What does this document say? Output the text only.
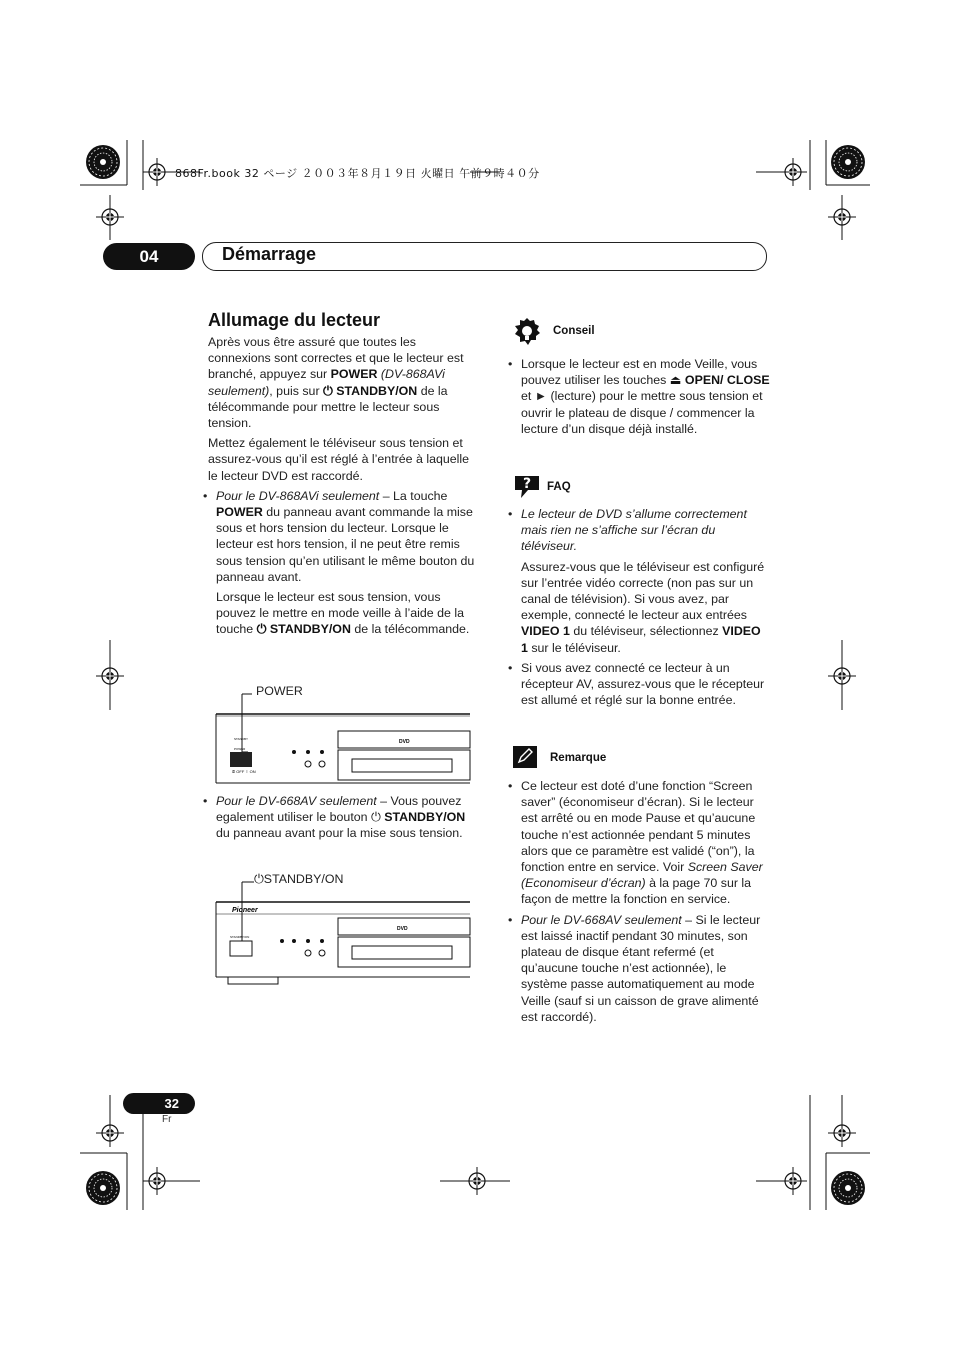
868Fr.book 32 ページ ２００３年８月１９日 火曜日 午前９時４０分
04	Démarrage
Allumage du lecteur

Après vous être assuré que toutes les connexions sont correctes et que le lecteur est branché, appuyez sur POWER (DV-868AVi seulement), puis sur ⏻ STANDBY/ON de la télécommande pour mettre le lecteur sous tension.

Mettez également le téléviseur sous tension et assurez-vous qu’il est réglé à l’entrée à laquelle le lecteur DVD est raccordé.

• Pour le DV-868AVi seulement – La touche POWER du panneau avant commande la mise sous et hors tension du lecteur. Lorsque le lecteur est hors tension, il ne peut être remis sous tension qu’en utilisant le même bouton du panneau avant.

Lorsque le lecteur est sous tension, vous pouvez le mettre en mode veille à l’aide de la touche ⏻ STANDBY/ON de la télécommande.

POWER
STANDBY
POWER
⏼ OFF ⏽ ON
DVD

• Pour le DV-668AV seulement – Vous pouvez egalement utiliser le bouton ⏻ STANDBY/ON du panneau avant pour la mise sous tension.

⏻STANDBY/ON
Pioneer
STANDBY/ON
DVD
Conseil

• Lorsque le lecteur est en mode Veille, vous pouvez utiliser les touches ⏏ OPEN/ CLOSE et ► (lecture) pour le mettre sous tension et ouvrir le plateau de disque / commencer la lecture d’un disque déjà installé.

? FAQ

• Le lecteur de DVD s’allume correctement mais rien ne s’affiche sur l’écran du téléviseur.

Assurez-vous que le téléviseur est configuré sur l’entrée vidéo correcte (non pas sur un canal de télévision). Si vous avez, par exemple, connecté le lecteur aux entrées VIDEO 1 du téléviseur, sélectionnez VIDEO 1 sur le téléviseur.

• Si vous avez connecté ce lecteur à un récepteur AV, assurez-vous que le récepteur est allumé et réglé sur la bonne entrée.

Remarque

• Ce lecteur est doté d’une fonction “Screen saver” (économiseur d’écran). Si le lecteur est arrêté ou en mode Pause et qu’aucune touche n’est actionnée pendant 5 minutes alors que ce paramètre est validé (“on”), la fonction entre en service. Voir Screen Saver (Economiseur d’écran) à la page 70 sur la façon de mettre la fonction en service.

• Pour le DV-668AV seulement – Si le lecteur est laissé inactif pendant 30 minutes, son plateau de disque étant refermé (et qu’aucune touche n’est actionnée), le système passe automatiquement au mode Veille (sauf si un caisson de grave alimenté est raccordé).

32
Fr
